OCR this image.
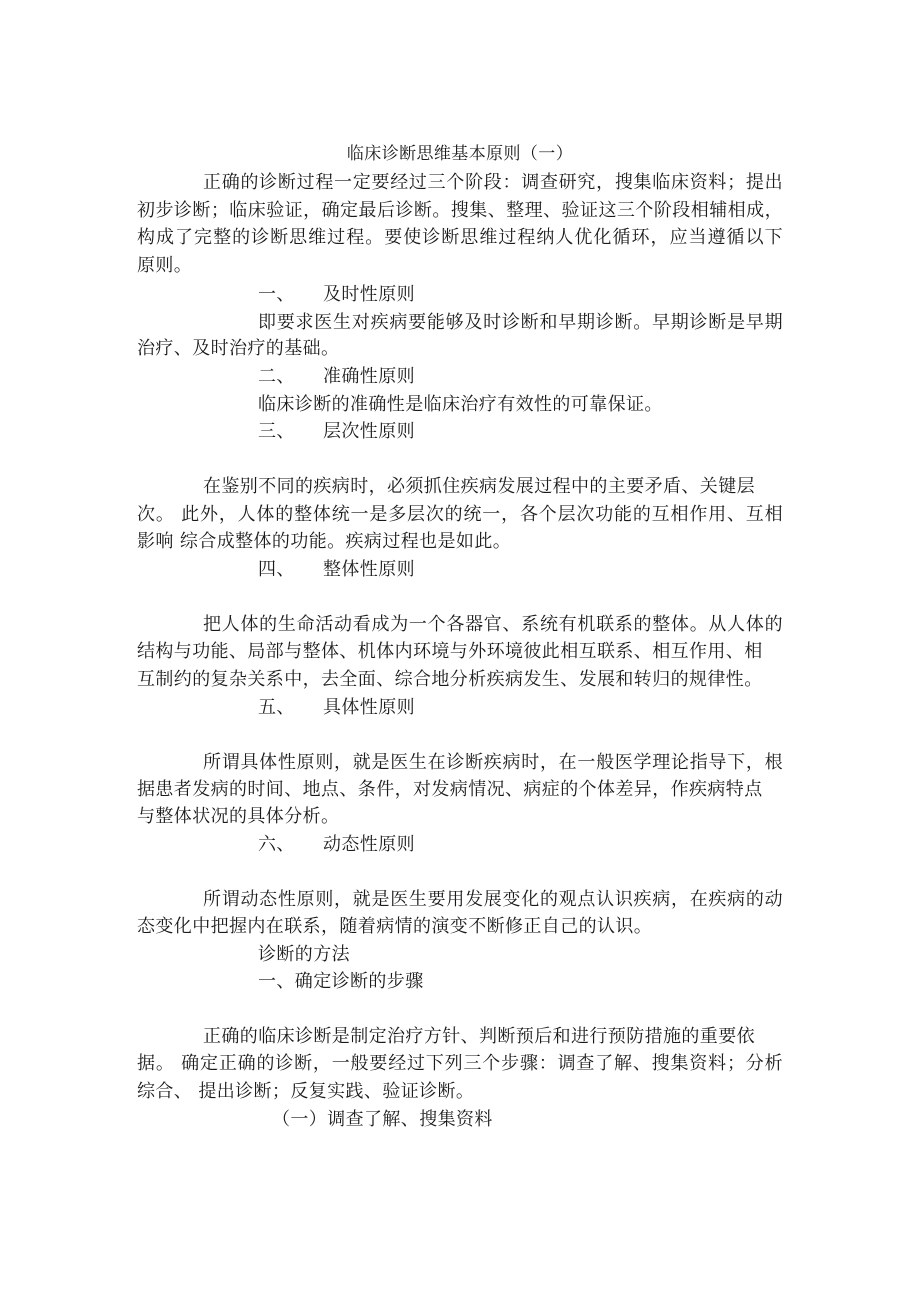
临床诊断思维基本原则（一）
正确的诊断过程一定要经过三个阶段：调查研究，搜集临床资料；提出
初步诊断；临床验证，确定最后诊断。搜集、整理、验证这三个阶段相辅相成，
构成了完整的诊断思维过程。要使诊断思维过程纳人优化循环，应当遵循以下
原则。
一、 及时性原则
即要求医生对疾病要能够及时诊断和早期诊断。早期诊断是早期
治疗、及时治疗的基础。
二、 准确性原则
临床诊断的准确性是临床治疗有效性的可靠保证。
三、 层次性原则
在鉴别不同的疾病时，必须抓住疾病发展过程中的主要矛盾、关键层
次。 此外，人体的整体统一是多层次的统一，各个层次功能的互相作用、互相
影响 综合成整体的功能。疾病过程也是如此。
四、 整体性原则
把人体的生命活动看成为一个各器官、系统有机联系的整体。从人体的
结构与功能、局部与整体、机体内环境与外环境彼此相互联系、相互作用、相
互制约的复杂关系中，去全面、综合地分析疾病发生、发展和转归的规律性。
五、 具体性原则
所谓具体性原则，就是医生在诊断疾病时，在一般医学理论指导下，根
据患者发病的时间、地点、条件，对发病情况、病症的个体差异，作疾病特点
与整体状况的具体分析。
六、 动态性原则
所谓动态性原则，就是医生要用发展变化的观点认识疾病，在疾病的动
态变化中把握内在联系，随着病情的演变不断修正自己的认识。
诊断的方法
一、确定诊断的步骤
正确的临床诊断是制定治疗方针、判断预后和进行预防措施的重要依
据。 确定正确的诊断，一般要经过下列三个步骤：调查了解、搜集资料；分析
综合、 提出诊断；反复实践、验证诊断。
（一）调查了解、搜集资料
